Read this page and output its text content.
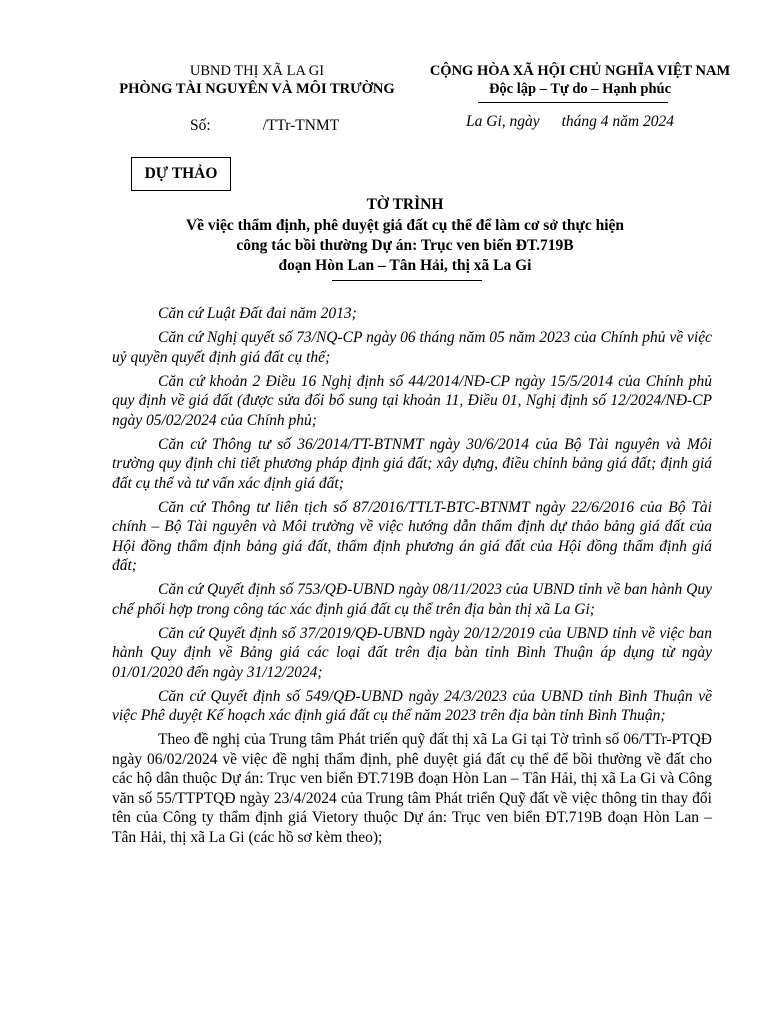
UBND THỊ XÃ LA GI
PHÒNG TÀI NGUYÊN VÀ MÔI TRƯỜNG
CỘNG HÒA XÃ HỘI CHỦ NGHĨA VIỆT NAM
Độc lập – Tự do – Hạnh phúc
Số:	/TTr-TNMT	La Gi, ngày tháng 4 năm 2024
DỰ THẢO
TỜ TRÌNH
Về việc thẩm định, phê duyệt giá đất cụ thể để làm cơ sở thực hiện
công tác bồi thường Dự án: Trục ven biển ĐT.719B
đoạn Hòn Lan – Tân Hải, thị xã La Gi

Căn cứ Luật Đất đai năm 2013;

Căn cứ Nghị quyết số 73/NQ-CP ngày 06 tháng năm 05 năm 2023 của Chính phủ về việc uỷ quyền quyết định giá đất cụ thể;

Căn cứ khoản 2 Điều 16 Nghị định số 44/2014/NĐ-CP ngày 15/5/2014 của Chính phủ quy định về giá đất (được sửa đổi bổ sung tại khoản 11, Điều 01, Nghị định số 12/2024/NĐ-CP ngày 05/02/2024 của Chính phủ;

Căn cứ Thông tư số 36/2014/TT-BTNMT ngày 30/6/2014 của Bộ Tài nguyên và Môi trường quy định chi tiết phương pháp định giá đất; xây dựng, điều chỉnh bảng giá đất; định giá đất cụ thể và tư vấn xác định giá đất;

Căn cứ Thông tư liên tịch số 87/2016/TTLT-BTC-BTNMT ngày 22/6/2016 của Bộ Tài chính – Bộ Tài nguyên và Môi trường về việc hướng dẫn thẩm định dự thảo bảng giá đất của Hội đồng thẩm định bảng giá đất, thẩm định phương án giá đất của Hội đồng thẩm định giá đất;

Căn cứ Quyết định số 753/QĐ-UBND ngày 08/11/2023 của UBND tỉnh về ban hành Quy chế phối hợp trong công tác xác định giá đất cụ thể trên địa bàn thị xã La Gi;

Căn cứ Quyết định số 37/2019/QĐ-UBND ngày 20/12/2019 của UBND tỉnh về việc ban hành Quy định về Bảng giá các loại đất trên địa bàn tỉnh Bình Thuận áp dụng từ ngày 01/01/2020 đến ngày 31/12/2024;

Căn cứ Quyết định số 549/QĐ-UBND ngày 24/3/2023 của UBND tỉnh Bình Thuận về việc Phê duyệt Kế hoạch xác định giá đất cụ thể năm 2023 trên địa bàn tỉnh Bình Thuận;

Theo đề nghị của Trung tâm Phát triển quỹ đất thị xã La Gi tại Tờ trình số 06/TTr-PTQĐ ngày 06/02/2024 về việc đề nghị thẩm định, phê duyệt giá đất cụ thể để bồi thường về đất cho các hộ dân thuộc Dự án: Trục ven biển ĐT.719B đoạn Hòn Lan – Tân Hải, thị xã La Gi và Công văn số 55/TTPTQĐ ngày 23/4/2024 của Trung tâm Phát triển Quỹ đất về việc thông tin thay đổi tên của Công ty thẩm định giá Vietory thuộc Dự án: Trục ven biển ĐT.719B đoạn Hòn Lan – Tân Hải, thị xã La Gi (các hồ sơ kèm theo);
